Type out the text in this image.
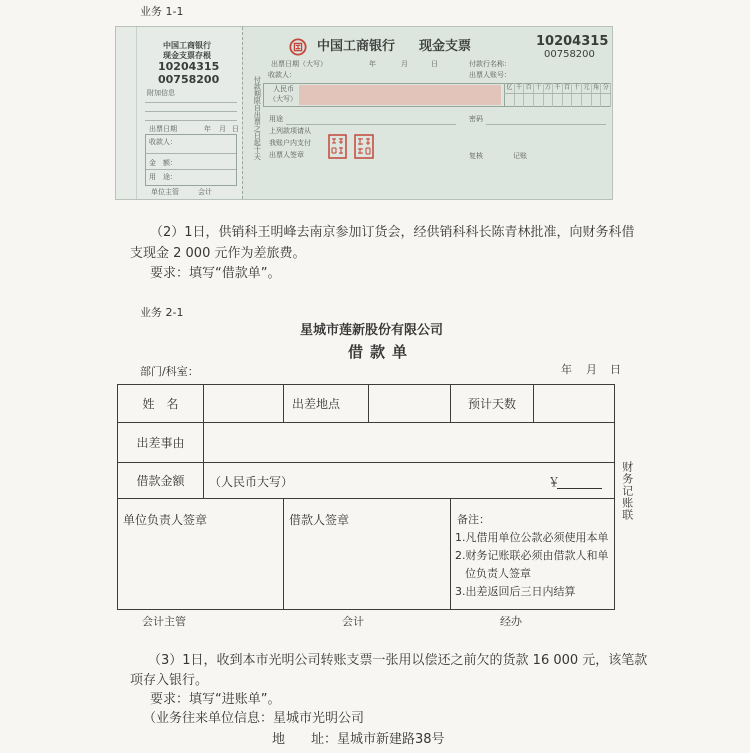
业务 1-1
中国工商银行
现金支票存根
10204315
00758200
附加信息
出票日期	年 月 日
收款人：
金　额：
用　途：
单位主管	会计
付款期限自出票之日起十天
中国工商银行 现金支票	10204315
00758200
出票日期（大写）	年	月	日	付款行名称：
收款人：	出票人账号：
人民币
（大写）
亿 千 百 十 万 千 百 十 元 角 分
用途	密码
上列款项请从
我账户内支付
出票人签章	复核	记账
（2）1日，供销科王明峰去南京参加订货会，经供销科科长陈青林批准，向财务科借
支现金 2 000 元作为差旅费。
要求：填写“借款单”。
业务 2-1
星城市莲新股份有限公司
借款单
部门/科室：	年 月 日
姓　名		出差地点		预计天数	
出差事由					
借款金额	（人民币大写） ￥				

单位负责人签章		借款人签章		备注：
1.凡借用单位公款必须使用本单
2.财务记账联必须由借款人和单
位负责人签章
3.出差返回后三日内结算	
财务记账联
会计主管	会计	经办
（3）1日，收到本市光明公司转账支票一张用以偿还之前欠的货款 16 000 元，该笔款
项存入银行。
要求：填写“进账单”。
（业务往来单位信息：星城市光明公司
地　　址：星城市新建路38号
